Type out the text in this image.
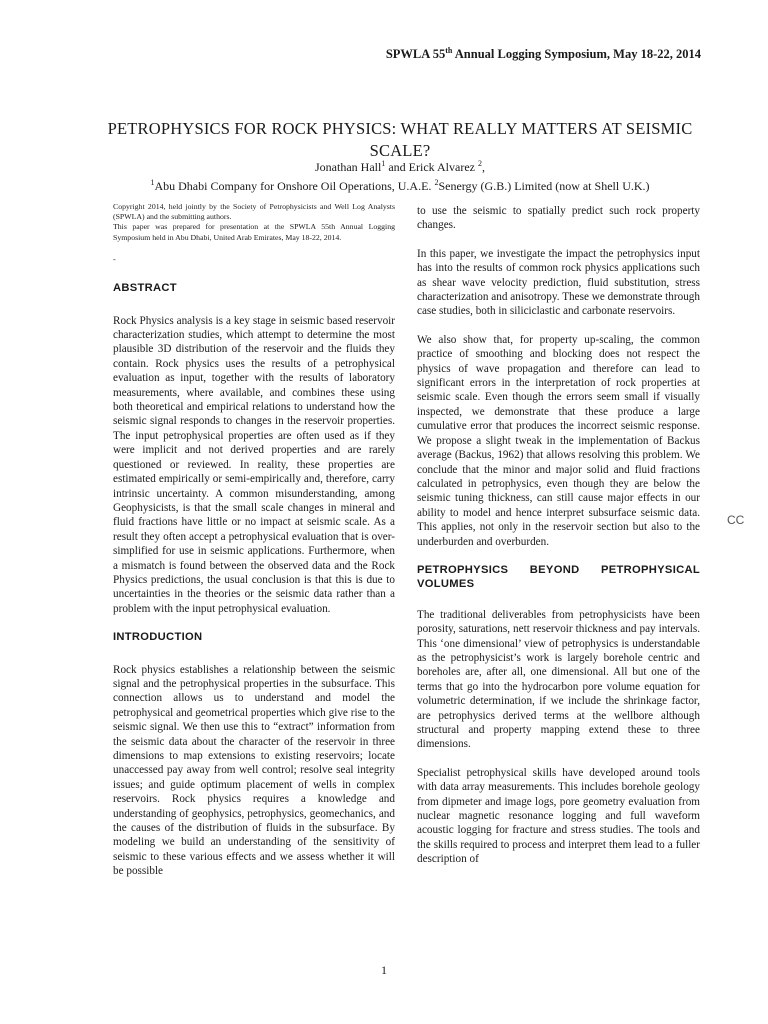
SPWLA 55th Annual Logging Symposium, May 18-22, 2014
PETROPHYSICS FOR ROCK PHYSICS: WHAT REALLY MATTERS AT SEISMIC SCALE?
Jonathan Hall$^1$ and Erick Alvarez $^2$,
$^1$Abu Dhabi Company for Onshore Oil Operations, U.A.E. $^2$Senergy (G.B.) Limited (now at Shell U.K.)

Copyright 2014, held jointly by the Society of Petrophysicists and Well Log Analysts (SPWLA) and the submitting authors.
This paper was prepared for presentation at the SPWLA 55th Annual Logging Symposium held in Abu Dhabi, United Arab Emirates, May 18-22, 2014.

-
ABSTRACT

Rock Physics analysis is a key stage in seismic based reservoir characterization studies, which attempt to determine the most plausible 3D distribution of the reservoir and the fluids they contain. Rock physics uses the results of a petrophysical evaluation as input, together with the results of laboratory measurements, where available, and combines these using both theoretical and empirical relations to understand how the seismic signal responds to changes in the reservoir properties. The input petrophysical properties are often used as if they were implicit and not derived properties and are rarely questioned or reviewed. In reality, these properties are estimated empirically or semi-empirically and, therefore, carry intrinsic uncertainty. A common misunderstanding, among Geophysicists, is that the small scale changes in mineral and fluid fractions have little or no impact at seismic scale. As a result they often accept a petrophysical evaluation that is over-simplified for use in seismic applications. Furthermore, when a mismatch is found between the observed data and the Rock Physics predictions, the usual conclusion is that this is due to uncertainties in the theories or the seismic data rather than a problem with the input petrophysical evaluation.

INTRODUCTION

Rock physics establishes a relationship between the seismic signal and the petrophysical properties in the subsurface. This connection allows us to understand and model the petrophysical and geometrical properties which give rise to the seismic signal. We then use this to “extract” information from the seismic data about the character of the reservoir in three dimensions to map extensions to existing reservoirs; locate unaccessed pay away from well control; resolve seal integrity issues; and guide optimum placement of wells in complex reservoirs. Rock physics requires a knowledge and understanding of geophysics, petrophysics, geomechanics, and the causes of the distribution of fluids in the subsurface. By modeling we build an understanding of the sensitivity of seismic to these various effects and we assess whether it will be possible

to use the seismic to spatially predict such rock property changes.

In this paper, we investigate the impact the petrophysics input has into the results of common rock physics applications such as shear wave velocity prediction, fluid substitution, stress characterization and anisotropy. These we demonstrate through case studies, both in siliciclastic and carbonate reservoirs.

We also show that, for property up-scaling, the common practice of smoothing and blocking does not respect the physics of wave propagation and therefore can lead to significant errors in the interpretation of rock properties at seismic scale. Even though the errors seem small if visually inspected, we demonstrate that these produce a large cumulative error that produces the incorrect seismic response. We propose a slight tweak in the implementation of Backus average (Backus, 1962) that allows resolving this problem. We conclude that the minor and major solid and fluid fractions calculated in petrophysics, even though they are below the seismic tuning thickness, can still cause major effects in our ability to model and hence interpret subsurface seismic data. This applies, not only in the reservoir section but also to the underburden and overburden.

PETROPHYSICS BEYOND PETROPHYSICAL VOLUMES

The traditional deliverables from petrophysicists have been porosity, saturations, nett reservoir thickness and pay intervals. This ‘one dimensional’ view of petrophysics is understandable as the petrophysicist’s work is largely borehole centric and boreholes are, after all, one dimensional. All but one of the terms that go into the hydrocarbon pore volume equation for volumetric determination, if we include the shrinkage factor, are petrophysics derived terms at the wellbore although structural and property mapping extend these to three dimensions.

Specialist petrophysical skills have developed around tools with data array measurements. This includes borehole geology from dipmeter and image logs, pore geometry evaluation from nuclear magnetic resonance logging and full waveform acoustic logging for fracture and stress studies. The tools and the skills required to process and interpret them lead to a fuller description of

CC
1
